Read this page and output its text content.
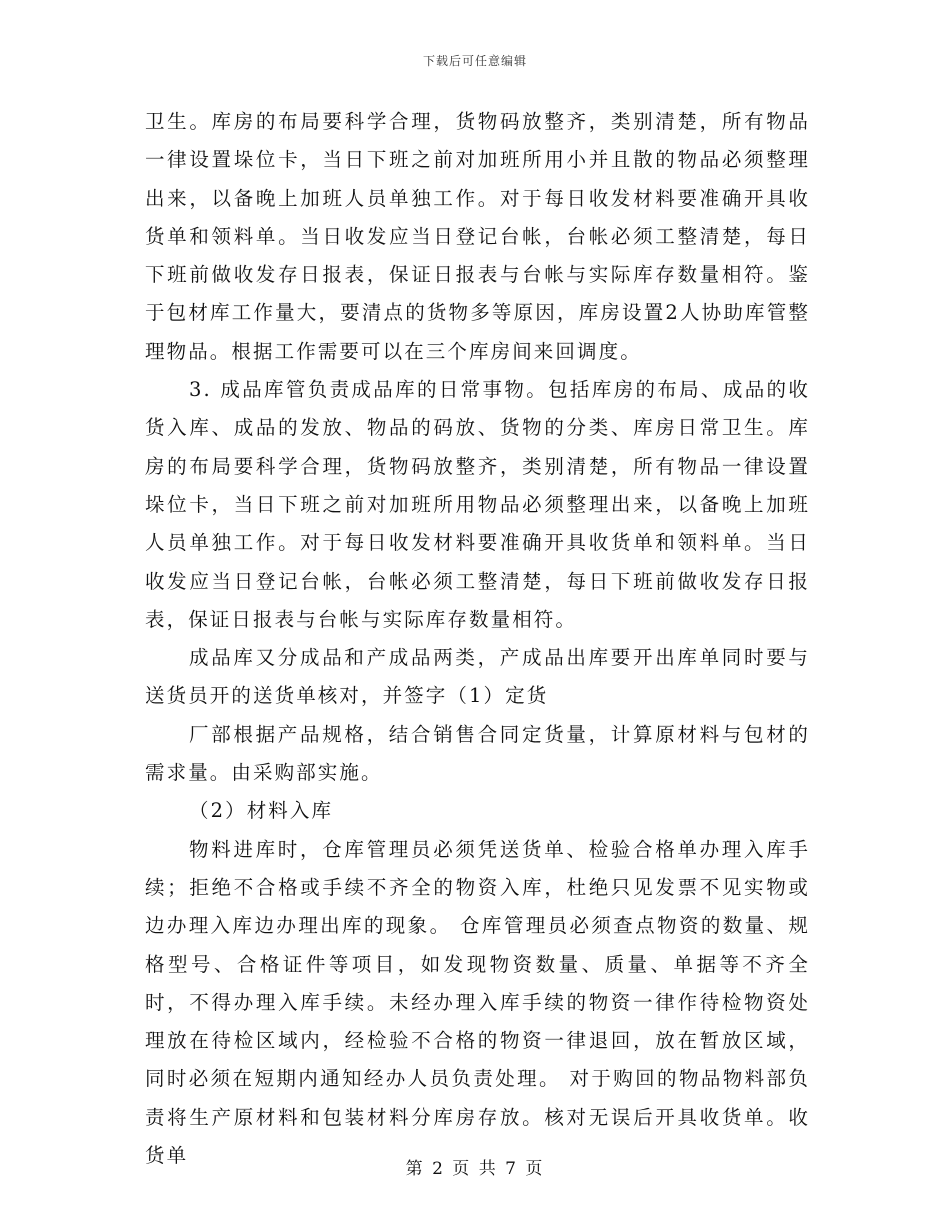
下载后可任意编辑

卫生。库房的布局要科学合理，货物码放整齐，类别清楚，所有物品一律设置垛位卡，当日下班之前对加班所用小并且散的物品必须整理出来，以备晚上加班人员单独工作。对于每日收发材料要准确开具收货单和领料单。当日收发应当日登记台帐，台帐必须工整清楚，每日下班前做收发存日报表，保证日报表与台帐与实际库存数量相符。鉴于包材库工作量大，要清点的货物多等原因，库房设置2人协助库管整理物品。根据工作需要可以在三个库房间来回调度。

3. 成品库管负责成品库的日常事物。包括库房的布局、成品的收货入库、成品的发放、物品的码放、货物的分类、库房日常卫生。库房的布局要科学合理，货物码放整齐，类别清楚，所有物品一律设置垛位卡，当日下班之前对加班所用物品必须整理出来，以备晚上加班人员单独工作。对于每日收发材料要准确开具收货单和领料单。当日收发应当日登记台帐，台帐必须工整清楚，每日下班前做收发存日报表，保证日报表与台帐与实际库存数量相符。

成品库又分成品和产成品两类，产成品出库要开出库单同时要与送货员开的送货单核对，并签字（1）定货

厂部根据产品规格，结合销售合同定货量，计算原材料与包材的需求量。由采购部实施。

（2）材料入库

物料进库时，仓库管理员必须凭送货单、检验合格单办理入库手续；拒绝不合格或手续不齐全的物资入库，杜绝只见发票不见实物或边办理入库边办理出库的现象。 仓库管理员必须查点物资的数量、规格型号、合格证件等项目，如发现物资数量、质量、单据等不齐全时，不得办理入库手续。未经办理入库手续的物资一律作待检物资处理放在待检区域内，经检验不合格的物资一律退回，放在暂放区域，同时必须在短期内通知经办人员负责处理。 对于购回的物品物料部负责将生产原材料和包装材料分库房存放。核对无误后开具收货单。收货单

第 2 页 共 7 页
